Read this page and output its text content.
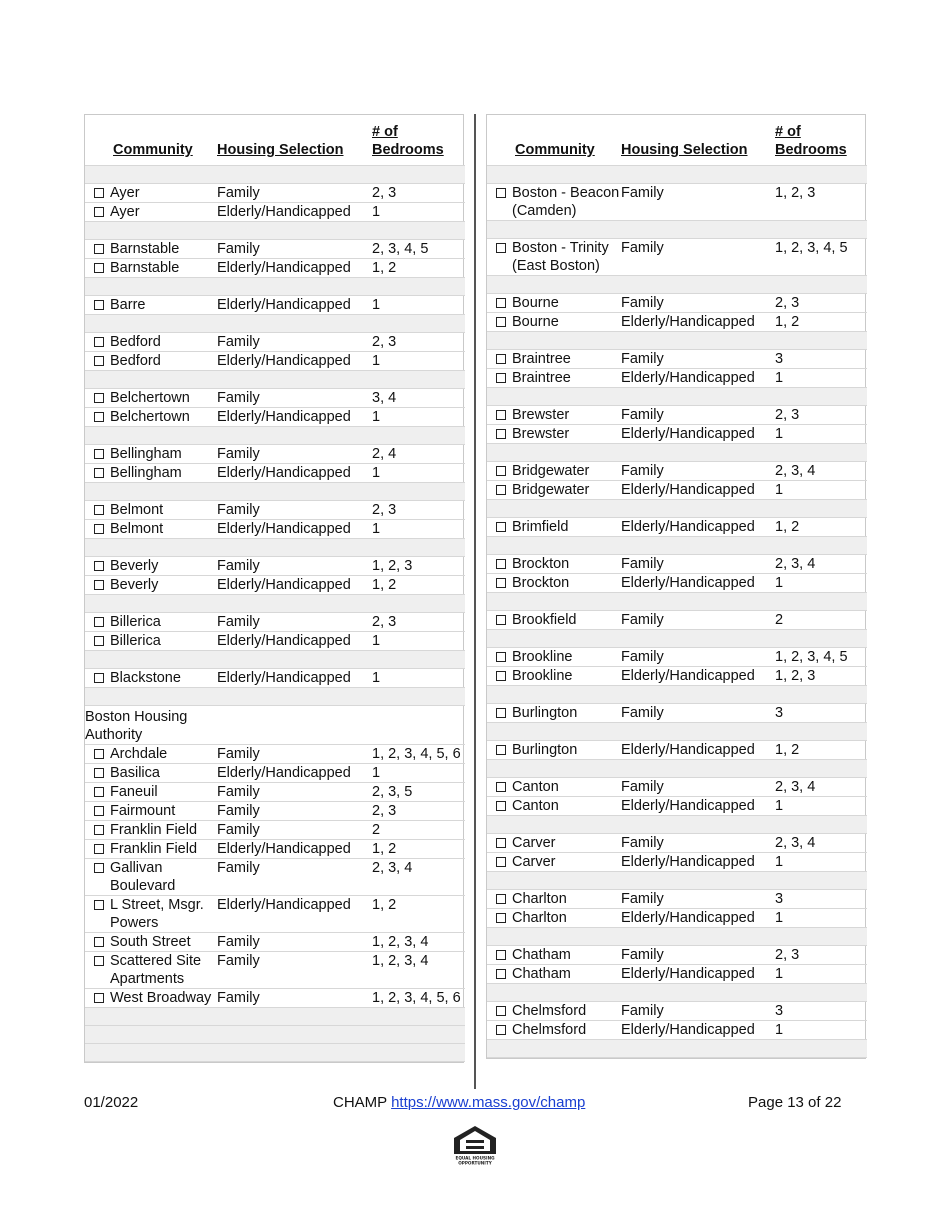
Community	Housing Selection	# of
Bedrooms

Ayer	Family	2, 3

Ayer	Elderly/Handicapped	1

Barnstable	Family	2, 3, 4, 5

Barnstable	Elderly/Handicapped	1, 2

Barre	Elderly/Handicapped	1

Bedford	Family	2, 3

Bedford	Elderly/Handicapped	1

Belchertown	Family	3, 4

Belchertown	Elderly/Handicapped	1

Bellingham	Family	2, 4

Bellingham	Elderly/Handicapped	1

Belmont	Family	2, 3

Belmont	Elderly/Handicapped	1

Beverly	Family	1, 2, 3

Beverly	Elderly/Handicapped	1, 2

Billerica	Family	2, 3

Billerica	Elderly/Handicapped	1

Blackstone	Elderly/Handicapped	1

Boston Housing Authority		

Archdale	Family	1, 2, 3, 4, 5, 6

Basilica	Elderly/Handicapped	1

Faneuil	Family	2, 3, 5

Fairmount	Family	2, 3

Franklin Field	Family	2

Franklin Field	Elderly/Handicapped	1, 2

Gallivan Boulevard	Family	2, 3, 4

L Street, Msgr. Powers	Elderly/Handicapped	1, 2

South Street	Family	1, 2, 3, 4

Scattered Site Apartments	Family	1, 2, 3, 4

West Broadway	Family	1, 2, 3, 4, 5, 6

Community	Housing Selection	# of
Bedrooms

Boston - Beacon (Camden)	Family	1, 2, 3

Boston - Trinity (East Boston)	Family	1, 2, 3, 4, 5

Bourne	Family	2, 3

Bourne	Elderly/Handicapped	1, 2

Braintree	Family	3

Braintree	Elderly/Handicapped	1

Brewster	Family	2, 3

Brewster	Elderly/Handicapped	1

Bridgewater	Family	2, 3, 4

Bridgewater	Elderly/Handicapped	1

Brimfield	Elderly/Handicapped	1, 2

Brockton	Family	2, 3, 4

Brockton	Elderly/Handicapped	1

Brookfield	Family	2

Brookline	Family	1, 2, 3, 4, 5

Brookline	Elderly/Handicapped	1, 2, 3

Burlington	Family	3

Burlington	Elderly/Handicapped	1, 2

Canton	Family	2, 3, 4

Canton	Elderly/Handicapped	1

Carver	Family	2, 3, 4

Carver	Elderly/Handicapped	1

Charlton	Family	3

Charlton	Elderly/Handicapped	1

Chatham	Family	2, 3

Chatham	Elderly/Handicapped	1

Chelmsford	Family	3

Chelmsford	Elderly/Handicapped	1

01/2022	CHAMP https://www.mass.gov/champ	Page 13 of 22
EQUAL HOUSING
OPPORTUNITY
